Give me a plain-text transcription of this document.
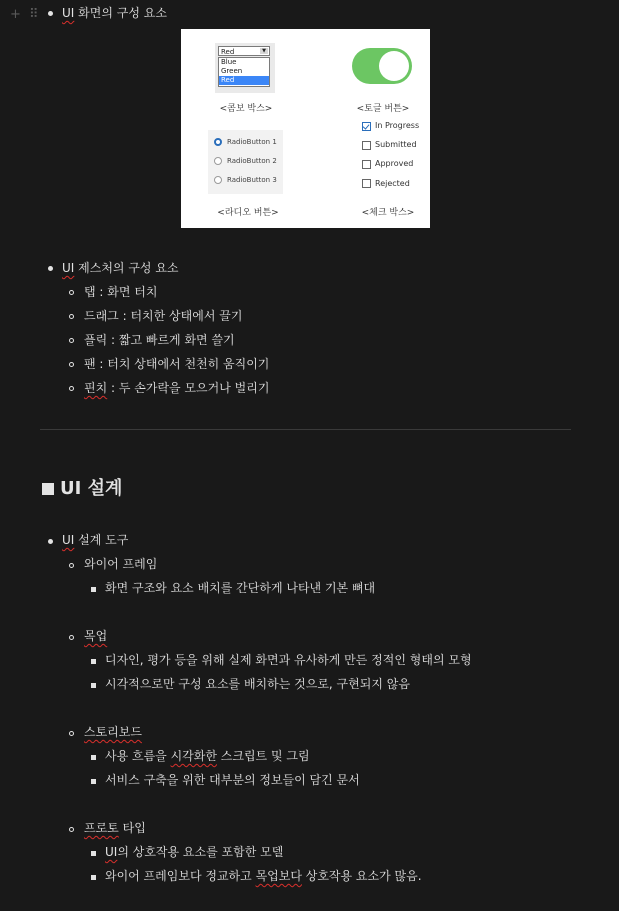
+ ⠿ UI 화면의 구성 요소
Red	▼
Blue
Green
Red
<콤보 박스>	<토글 버튼>
RadioButton 1
RadioButton 2
RadioButton 3
<라디오 버튼>
In Progress
Submitted
Approved
Rejected
<체크 박스>
UI 제스처의 구성 요소
탭 : 화면 터치
드래그 : 터치한 상태에서 끌기
플릭 : 짧고 빠르게 화면 쓸기
팬 : 터치 상태에서 천천히 움직이기
핀치 : 두 손가락을 모으거나 벌리기
UI 설계
UI 설계 도구
와이어 프레임
화면 구조와 요소 배치를 간단하게 나타낸 기본 뼈대
목업
디자인, 평가 등을 위해 실제 화면과 유사하게 만든 정적인 형태의 모형
시각적으로만 구성 요소를 배치하는 것으로, 구현되지 않음
스토리보드
사용 흐름을 시각화한 스크립트 및 그림
서비스 구축을 위한 대부분의 정보들이 담긴 문서
프로토 타입
UI의 상호작용 요소를 포함한 모델
와이어 프레임보다 정교하고 목업보다 상호작용 요소가 많음.
